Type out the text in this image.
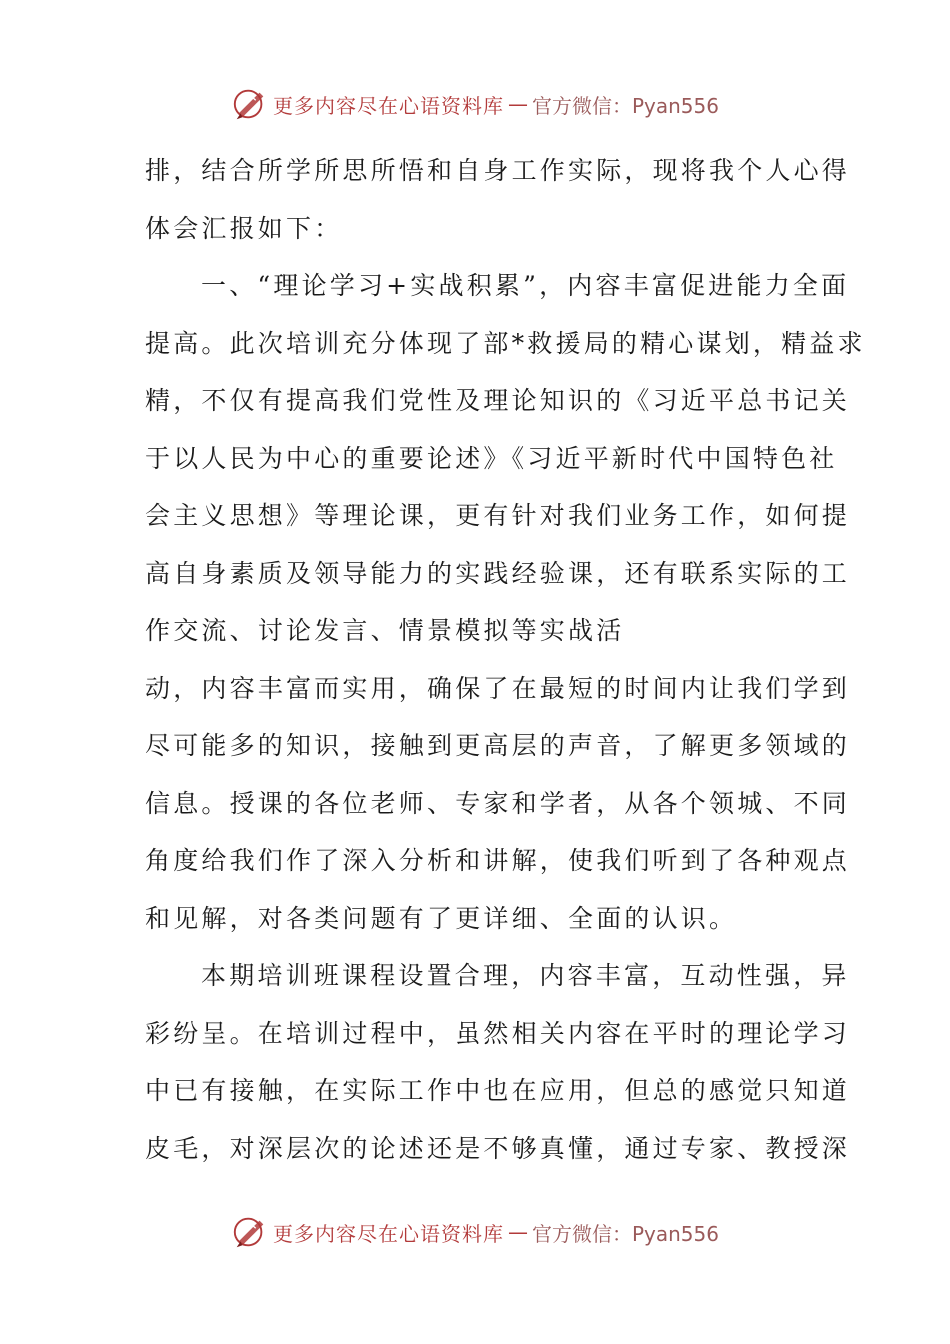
更多内容尽在心语资料库 — 官方微信：Pyan556
排，结合所学所思所悟和自身工作实际，现将我个人心得
体会汇报如下：
一、“理论学习+实战积累”，内容丰富促进能力全面
提高。此次培训充分体现了部*救援局的精心谋划，精益求
精，不仅有提高我们党性及理论知识的《习近平总书记关
于以人民为中心的重要论述》《习近平新时代中国特色社
会主义思想》等理论课，更有针对我们业务工作，如何提
高自身素质及领导能力的实践经验课，还有联系实际的工
作交流、讨论发言、情景模拟等实战活
动，内容丰富而实用，确保了在最短的时间内让我们学到
尽可能多的知识，接触到更高层的声音，了解更多领域的
信息。授课的各位老师、专家和学者，从各个领城、不同
角度给我们作了深入分析和讲解，使我们听到了各种观点
和见解，对各类问题有了更详细、全面的认识。
本期培训班课程设置合理，内容丰富，互动性强，异
彩纷呈。在培训过程中，虽然相关内容在平时的理论学习
中已有接触，在实际工作中也在应用，但总的感觉只知道
皮毛，对深层次的论述还是不够真懂，通过专家、教授深
更多内容尽在心语资料库 — 官方微信：Pyan556
